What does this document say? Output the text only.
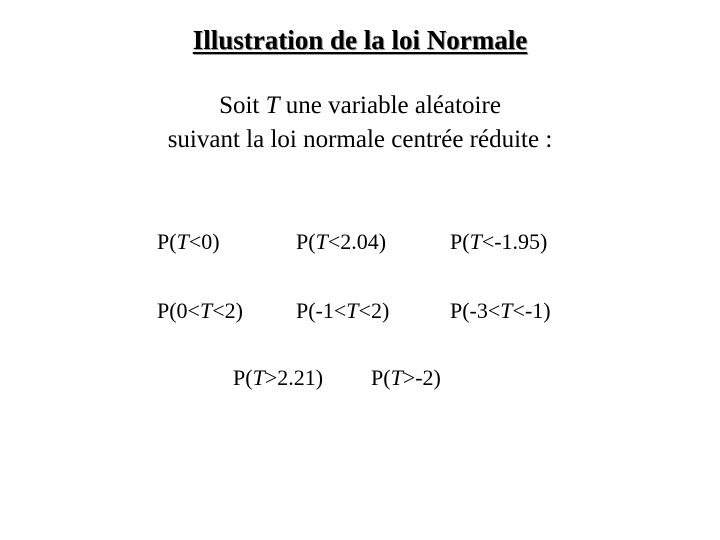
Illustration de la loi Normale
Soit T une variable aléatoire
suivant la loi normale centrée réduite :
P(T<0)	P(T<2.04)	P(T<-1.95)
P(0<T<2) P(-1<T<2)	P(-3<T<-1)
P(T>2.21) P(T>-2)
